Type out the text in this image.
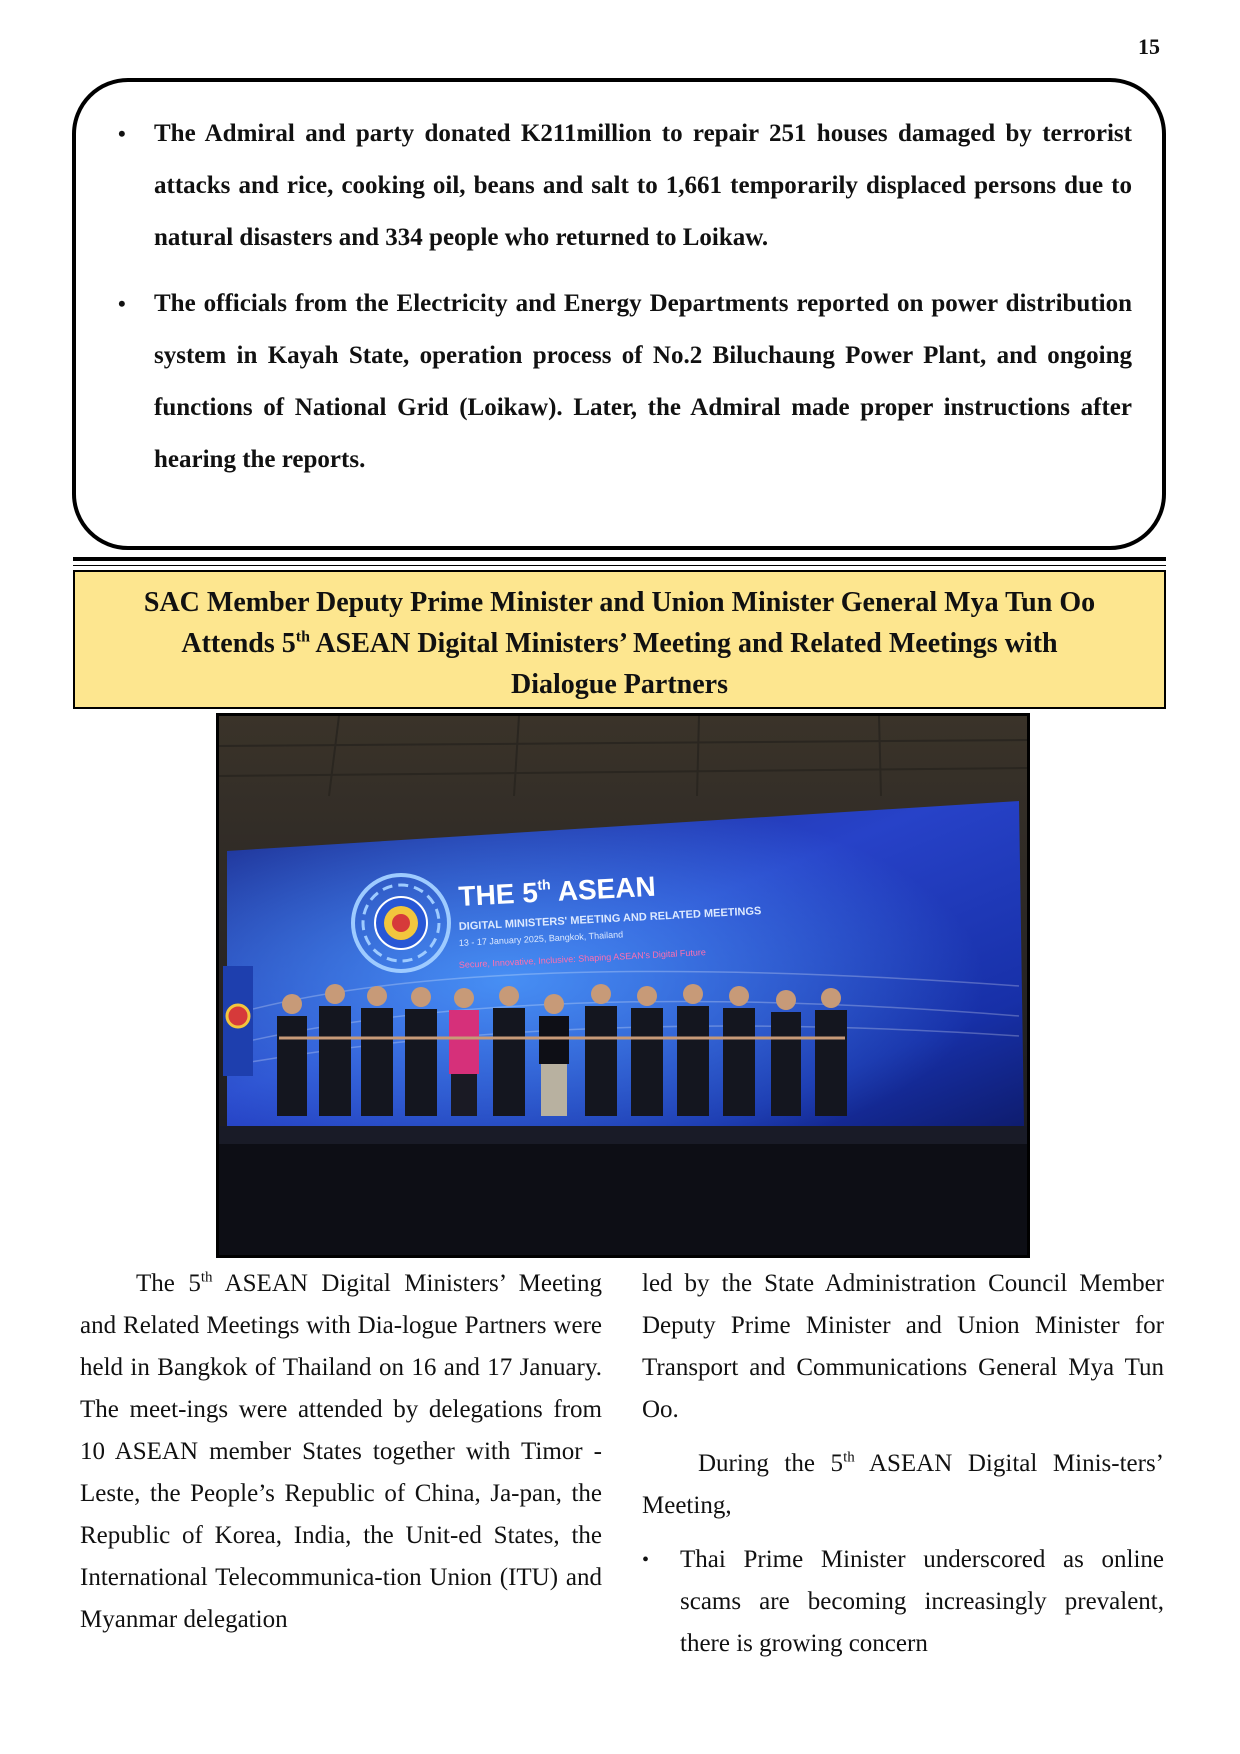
15
• The Admiral and party donated K211million to repair 251 houses damaged by terrorist attacks and rice, cooking oil, beans and salt to 1,661 temporarily displaced persons due to natural disasters and 334 people who returned to Loikaw.
• The officials from the Electricity and Energy Departments reported on power distribution system in Kayah State, operation process of No.2 Biluchaung Power Plant, and ongoing functions of National Grid (Loikaw). Later, the Admiral made proper instructions after hearing the reports.
SAC Member Deputy Prime Minister and Union Minister General Mya Tun Oo
Attends 5th ASEAN Digital Ministers’ Meeting and Related Meetings with
Dialogue Partners
THE 5th ASEAN
DIGITAL MINISTERS' MEETING AND RELATED MEETINGS
13 - 17 January 2025, Bangkok, Thailand
Secure, Innovative, Inclusive: Shaping ASEAN's Digital Future

The 5th ASEAN Digital Ministers’ Meeting and Related Meetings with Dia-logue Partners were held in Bangkok of Thailand on 16 and 17 January. The meet-ings were attended by delegations from 10 ASEAN member States together with Timor -Leste, the People’s Republic of China, Ja-pan, the Republic of Korea, India, the Unit-ed States, the International Telecommunica-tion Union (ITU) and Myanmar delegation

led by the State Administration Council Member Deputy Prime Minister and Union Minister for Transport and Communications General Mya Tun Oo.

During the 5th ASEAN Digital Minis-ters’ Meeting,

• Thai Prime Minister underscored as online scams are becoming increasingly prevalent, there is growing concern
